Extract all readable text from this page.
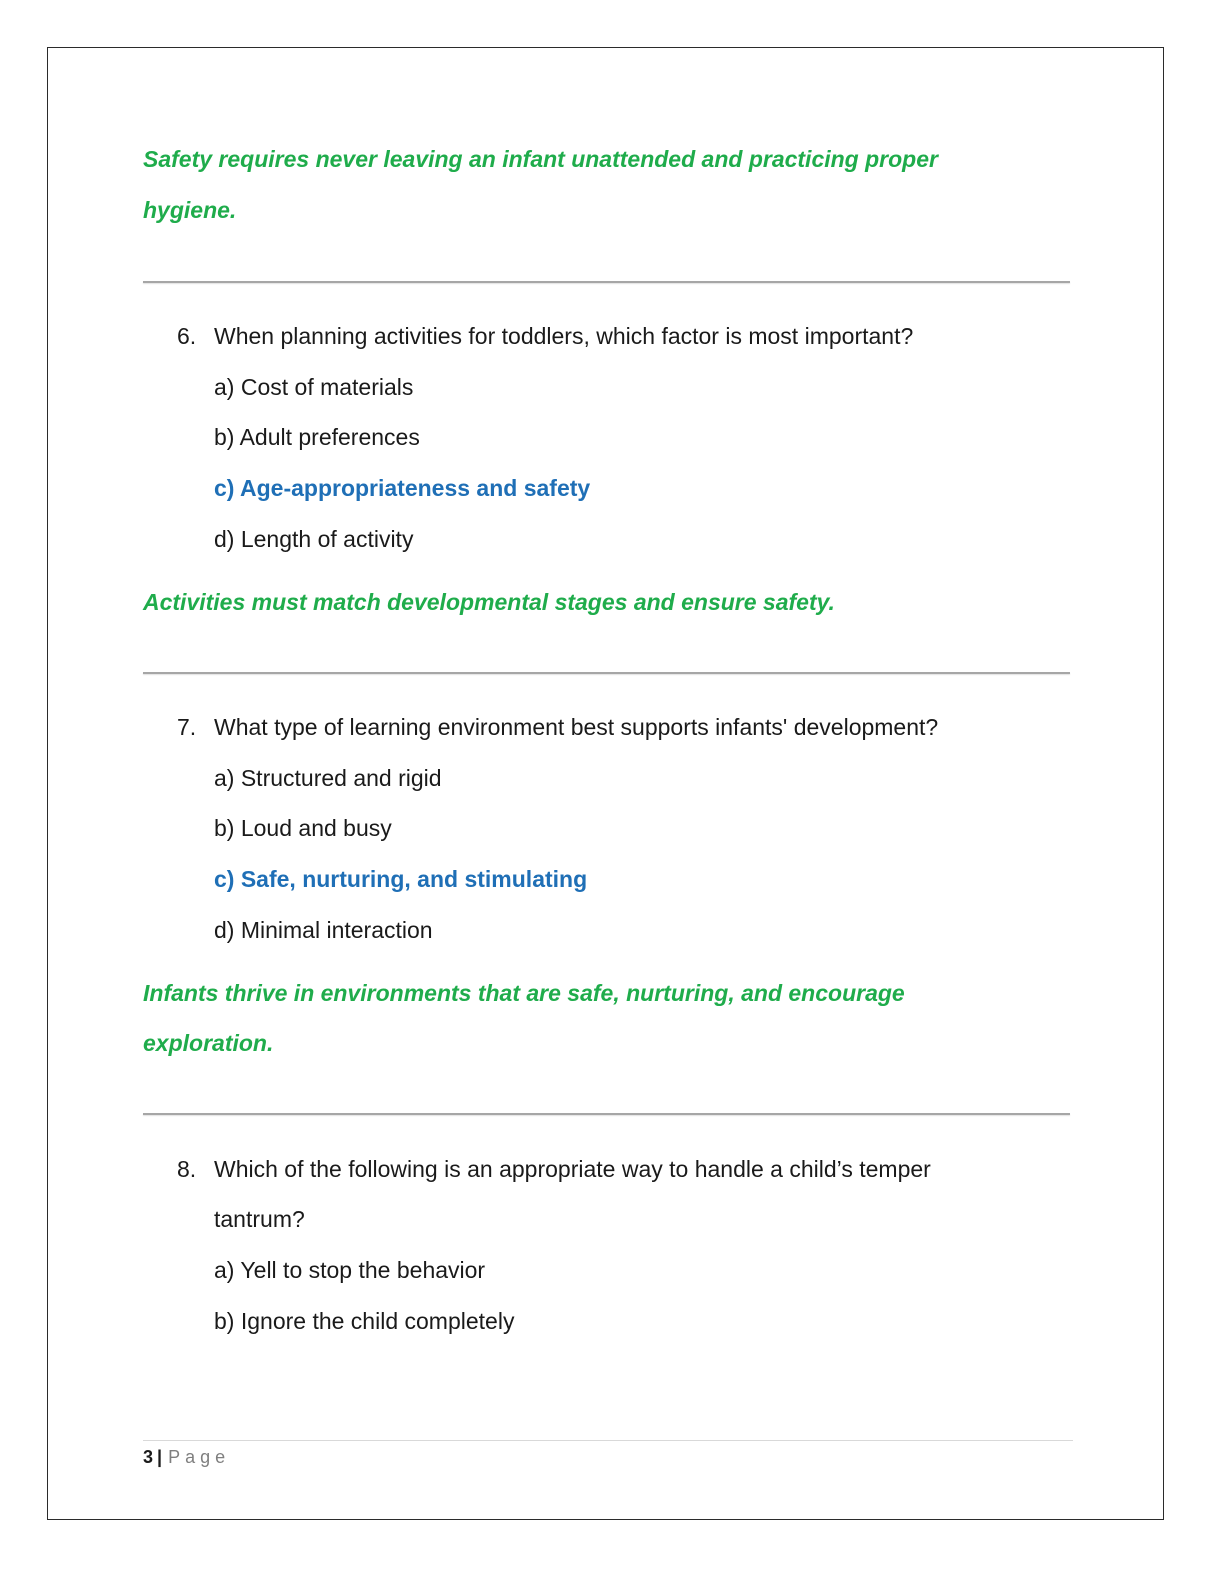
Safety requires never leaving an infant unattended and practicing proper
hygiene.
6. When planning activities for toddlers, which factor is most important?
a) Cost of materials
b) Adult preferences
c) Age-appropriateness and safety
d) Length of activity
Activities must match developmental stages and ensure safety.
7. What type of learning environment best supports infants' development?
a) Structured and rigid
b) Loud and busy
c) Safe, nurturing, and stimulating
d) Minimal interaction
Infants thrive in environments that are safe, nurturing, and encourage
exploration.
8. Which of the following is an appropriate way to handle a child’s temper
tantrum?
a) Yell to stop the behavior
b) Ignore the child completely
3 | Page
